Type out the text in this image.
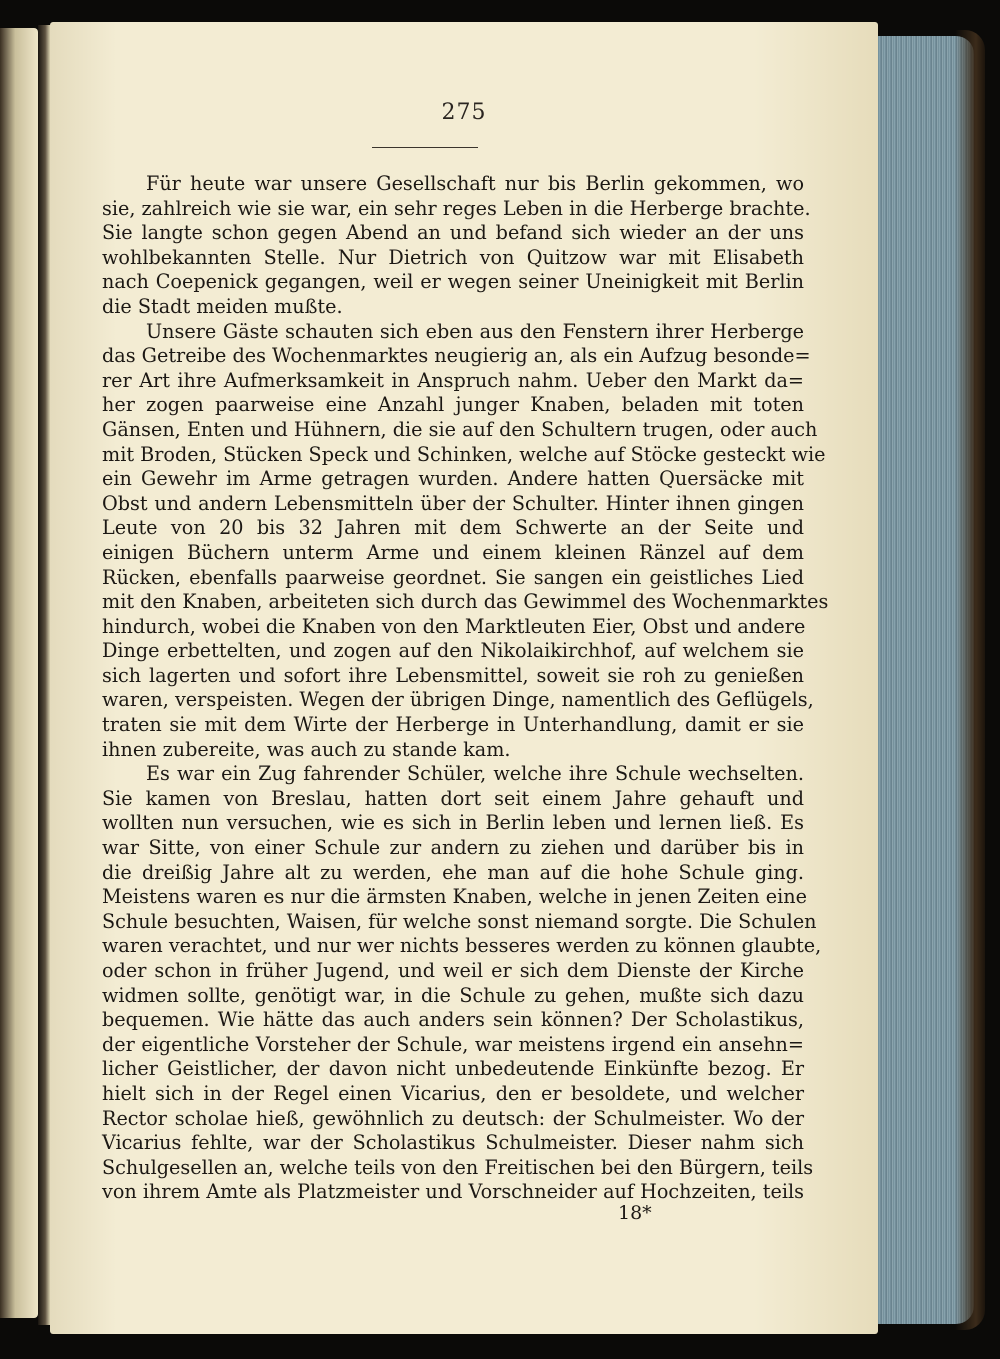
275
Für heute war unsere Gesellschaft nur bis Berlin gekommen, wo
sie, zahlreich wie sie war, ein sehr reges Leben in die Herberge brachte.
Sie langte schon gegen Abend an und befand sich wieder an der uns
wohlbekannten Stelle. Nur Dietrich von Quitzow war mit Elisabeth
nach Coepenick gegangen, weil er wegen seiner Uneinigkeit mit Berlin
die Stadt meiden mußte.
Unsere Gäste schauten sich eben aus den Fenstern ihrer Herberge
das Getreibe des Wochenmarktes neugierig an, als ein Aufzug besonde=
rer Art ihre Aufmerksamkeit in Anspruch nahm. Ueber den Markt da=
her zogen paarweise eine Anzahl junger Knaben, beladen mit toten
Gänsen, Enten und Hühnern, die sie auf den Schultern trugen, oder auch
mit Broden, Stücken Speck und Schinken, welche auf Stöcke gesteckt wie
ein Gewehr im Arme getragen wurden. Andere hatten Quersäcke mit
Obst und andern Lebensmitteln über der Schulter. Hinter ihnen gingen
Leute von 20 bis 32 Jahren mit dem Schwerte an der Seite und
einigen Büchern unterm Arme und einem kleinen Ränzel auf dem
Rücken, ebenfalls paarweise geordnet. Sie sangen ein geistliches Lied
mit den Knaben, arbeiteten sich durch das Gewimmel des Wochenmarktes
hindurch, wobei die Knaben von den Marktleuten Eier, Obst und andere
Dinge erbettelten, und zogen auf den Nikolaikirchhof, auf welchem sie
sich lagerten und sofort ihre Lebensmittel, soweit sie roh zu genießen
waren, verspeisten. Wegen der übrigen Dinge, namentlich des Geflügels,
traten sie mit dem Wirte der Herberge in Unterhandlung, damit er sie
ihnen zubereite, was auch zu stande kam.
Es war ein Zug fahrender Schüler, welche ihre Schule wechselten.
Sie kamen von Breslau, hatten dort seit einem Jahre gehauft und
wollten nun versuchen, wie es sich in Berlin leben und lernen ließ. Es
war Sitte, von einer Schule zur andern zu ziehen und darüber bis in
die dreißig Jahre alt zu werden, ehe man auf die hohe Schule ging.
Meistens waren es nur die ärmsten Knaben, welche in jenen Zeiten eine
Schule besuchten, Waisen, für welche sonst niemand sorgte. Die Schulen
waren verachtet, und nur wer nichts besseres werden zu können glaubte,
oder schon in früher Jugend, und weil er sich dem Dienste der Kirche
widmen sollte, genötigt war, in die Schule zu gehen, mußte sich dazu
bequemen. Wie hätte das auch anders sein können? Der Scholastikus,
der eigentliche Vorsteher der Schule, war meistens irgend ein ansehn=
licher Geistlicher, der davon nicht unbedeutende Einkünfte bezog. Er
hielt sich in der Regel einen Vicarius, den er besoldete, und welcher
Rector scholae hieß, gewöhnlich zu deutsch: der Schulmeister. Wo der
Vicarius fehlte, war der Scholastikus Schulmeister. Dieser nahm sich
Schulgesellen an, welche teils von den Freitischen bei den Bürgern, teils
von ihrem Amte als Platzmeister und Vorschneider auf Hochzeiten, teils
18*
